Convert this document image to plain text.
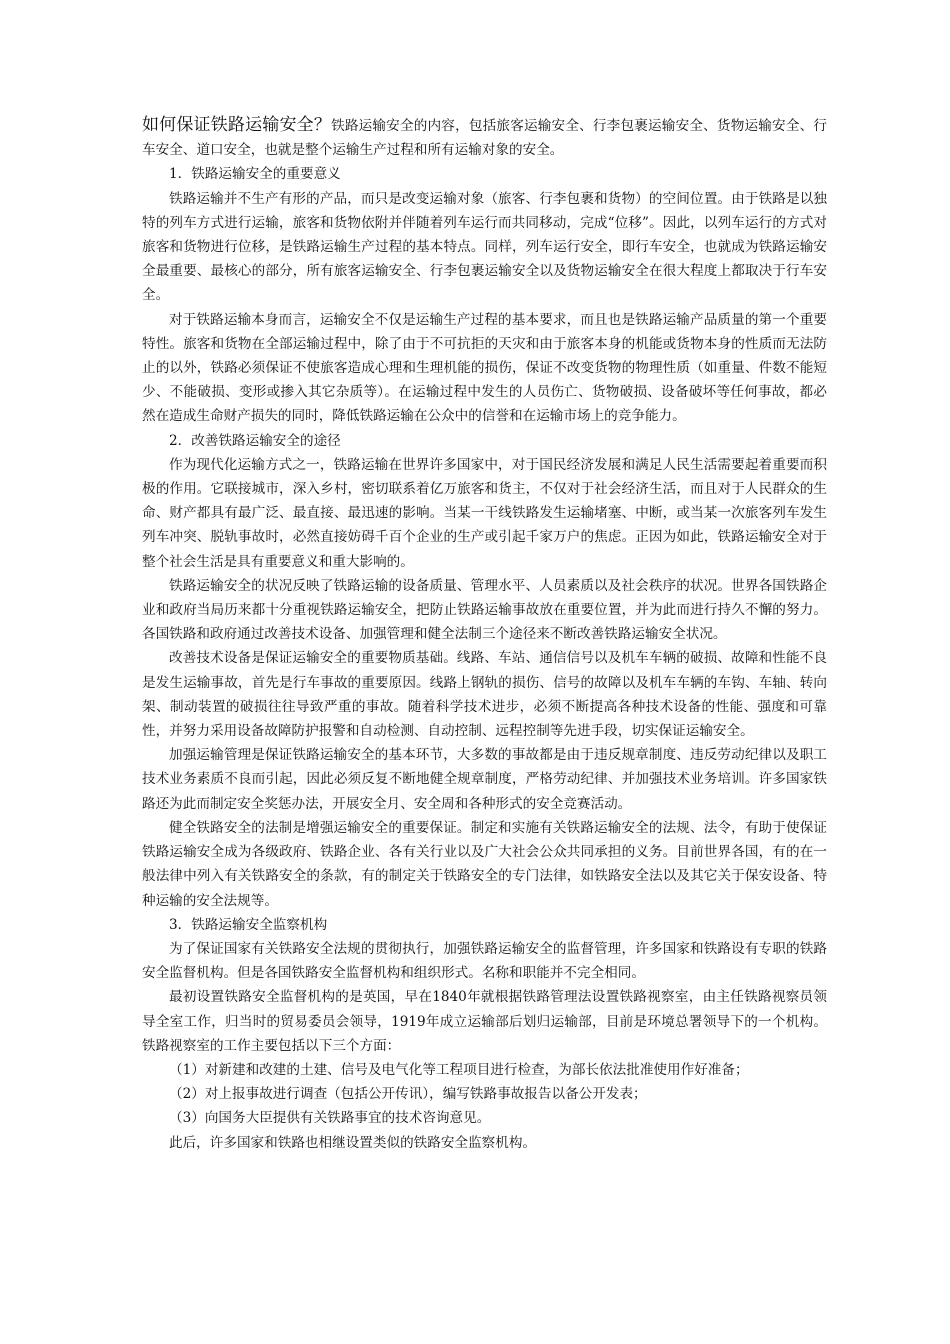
如何保证铁路运输安全？铁路运输安全的内容，包括旅客运输安全、行李包裹运输安全、货物运输安全、行车安全、道口安全，也就是整个运输生产过程和所有运输对象的安全。

1．铁路运输安全的重要意义

铁路运输并不生产有形的产品，而只是改变运输对象（旅客、行李包裹和货物）的空间位置。由于铁路是以独特的列车方式进行运输，旅客和货物依附并伴随着列车运行而共同移动，完成“位移”。因此，以列车运行的方式对旅客和货物进行位移，是铁路运输生产过程的基本特点。同样，列车运行安全，即行车安全，也就成为铁路运输安全最重要、最核心的部分，所有旅客运输安全、行李包裹运输安全以及货物运输安全在很大程度上都取决于行车安全。

对于铁路运输本身而言，运输安全不仅是运输生产过程的基本要求，而且也是铁路运输产品质量的第一个重要特性。旅客和货物在全部运输过程中，除了由于不可抗拒的天灾和由于旅客本身的机能或货物本身的性质而无法防止的以外，铁路必须保证不使旅客造成心理和生理机能的损伤，保证不改变货物的物理性质（如重量、件数不能短少、不能破损、变形或掺入其它杂质等）。在运输过程中发生的人员伤亡、货物破损、设备破坏等任何事故，都必然在造成生命财产损失的同时，降低铁路运输在公众中的信誉和在运输市场上的竞争能力。

2．改善铁路运输安全的途径

作为现代化运输方式之一，铁路运输在世界许多国家中，对于国民经济发展和满足人民生活需要起着重要而积极的作用。它联接城市，深入乡村，密切联系着亿万旅客和货主，不仅对于社会经济生活，而且对于人民群众的生命、财产都具有最广泛、最直接、最迅速的影响。当某一干线铁路发生运输堵塞、中断，或当某一次旅客列车发生列车冲突、脱轨事故时，必然直接妨碍千百个企业的生产或引起千家万户的焦虑。正因为如此，铁路运输安全对于整个社会生活是具有重要意义和重大影响的。

铁路运输安全的状况反映了铁路运输的设备质量、管理水平、人员素质以及社会秩序的状况。世界各国铁路企业和政府当局历来都十分重视铁路运输安全，把防止铁路运输事故放在重要位置，并为此而进行持久不懈的努力。各国铁路和政府通过改善技术设备、加强管理和健全法制三个途径来不断改善铁路运输安全状况。

改善技术设备是保证运输安全的重要物质基础。线路、车站、通信信号以及机车车辆的破损、故障和性能不良是发生运输事故，首先是行车事故的重要原因。线路上钢轨的损伤、信号的故障以及机车车辆的车钩、车轴、转向架、制动装置的破损往往导致严重的事故。随着科学技术进步，必须不断提高各种技术设备的性能、强度和可靠性，并努力采用设备故障防护报警和自动检测、自动控制、远程控制等先进手段，切实保证运输安全。

加强运输管理是保证铁路运输安全的基本环节，大多数的事故都是由于违反规章制度、违反劳动纪律以及职工技术业务素质不良而引起，因此必须反复不断地健全规章制度，严格劳动纪律、并加强技术业务培训。许多国家铁路还为此而制定安全奖惩办法，开展安全月、安全周和各种形式的安全竞赛活动。

健全铁路安全的法制是增强运输安全的重要保证。制定和实施有关铁路运输安全的法规、法令，有助于使保证铁路运输安全成为各级政府、铁路企业、各有关行业以及广大社会公众共同承担的义务。目前世界各国，有的在一般法律中列入有关铁路安全的条款，有的制定关于铁路安全的专门法律，如铁路安全法以及其它关于保安设备、特种运输的安全法规等。

3．铁路运输安全监察机构

为了保证国家有关铁路安全法规的贯彻执行，加强铁路运输安全的监督管理，许多国家和铁路设有专职的铁路安全监督机构。但是各国铁路安全监督机构和组织形式。名称和职能并不完全相同。

最初设置铁路安全监督机构的是英国，早在1840年就根据铁路管理法设置铁路视察室，由主任铁路视察员领导全室工作，归当时的贸易委员会领导，1919年成立运输部后划归运输部，目前是环境总署领导下的一个机构。铁路视察室的工作主要包括以下三个方面：

（1）对新建和改建的土建、信号及电气化等工程项目进行检查，为部长依法批准使用作好准备；

（2）对上报事故进行调查（包括公开传讯），编写铁路事故报告以备公开发表；

（3）向国务大臣提供有关铁路事宜的技术咨询意见。

此后，许多国家和铁路也相继设置类似的铁路安全监察机构。
